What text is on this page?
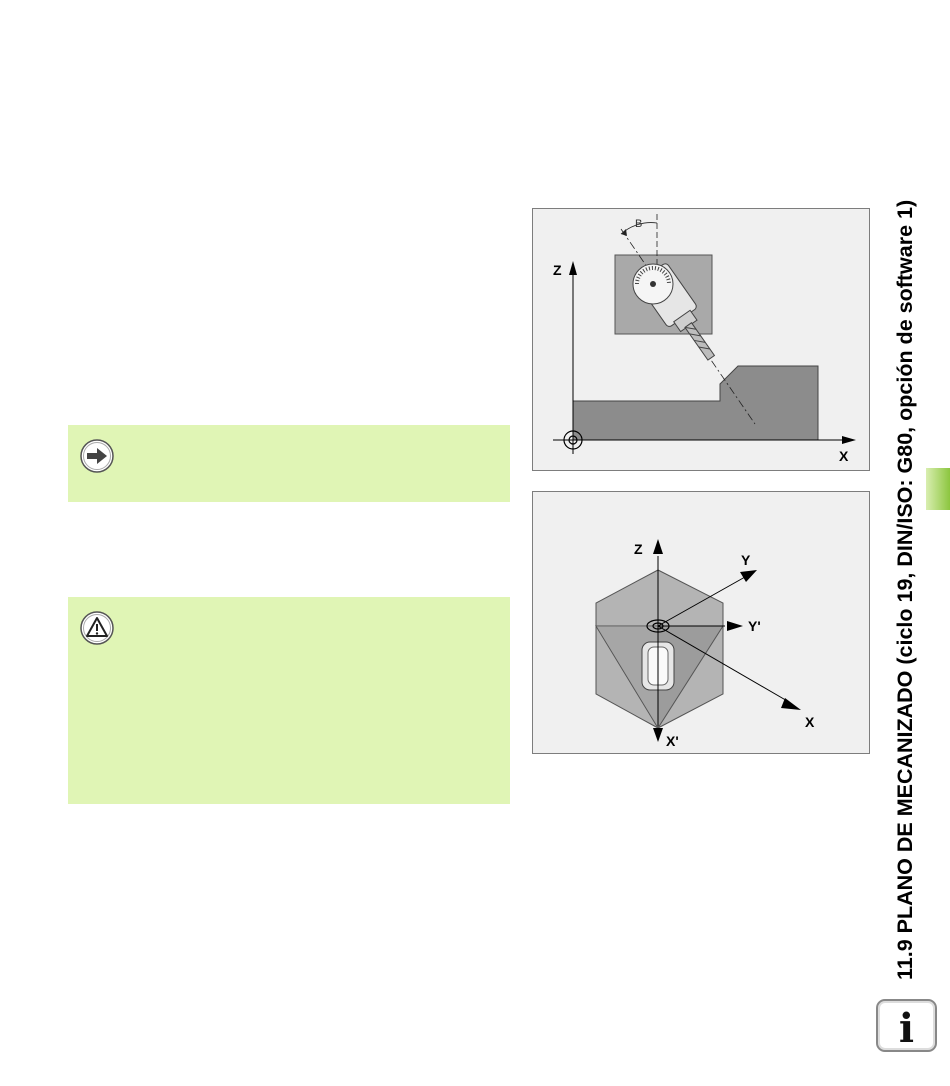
B
Z
X
Z
X'
Y'
Y
X	11.9 PLANO DE MECANIZADO (ciclo 19, DIN/ISO: G80, opción de software 1)
i
